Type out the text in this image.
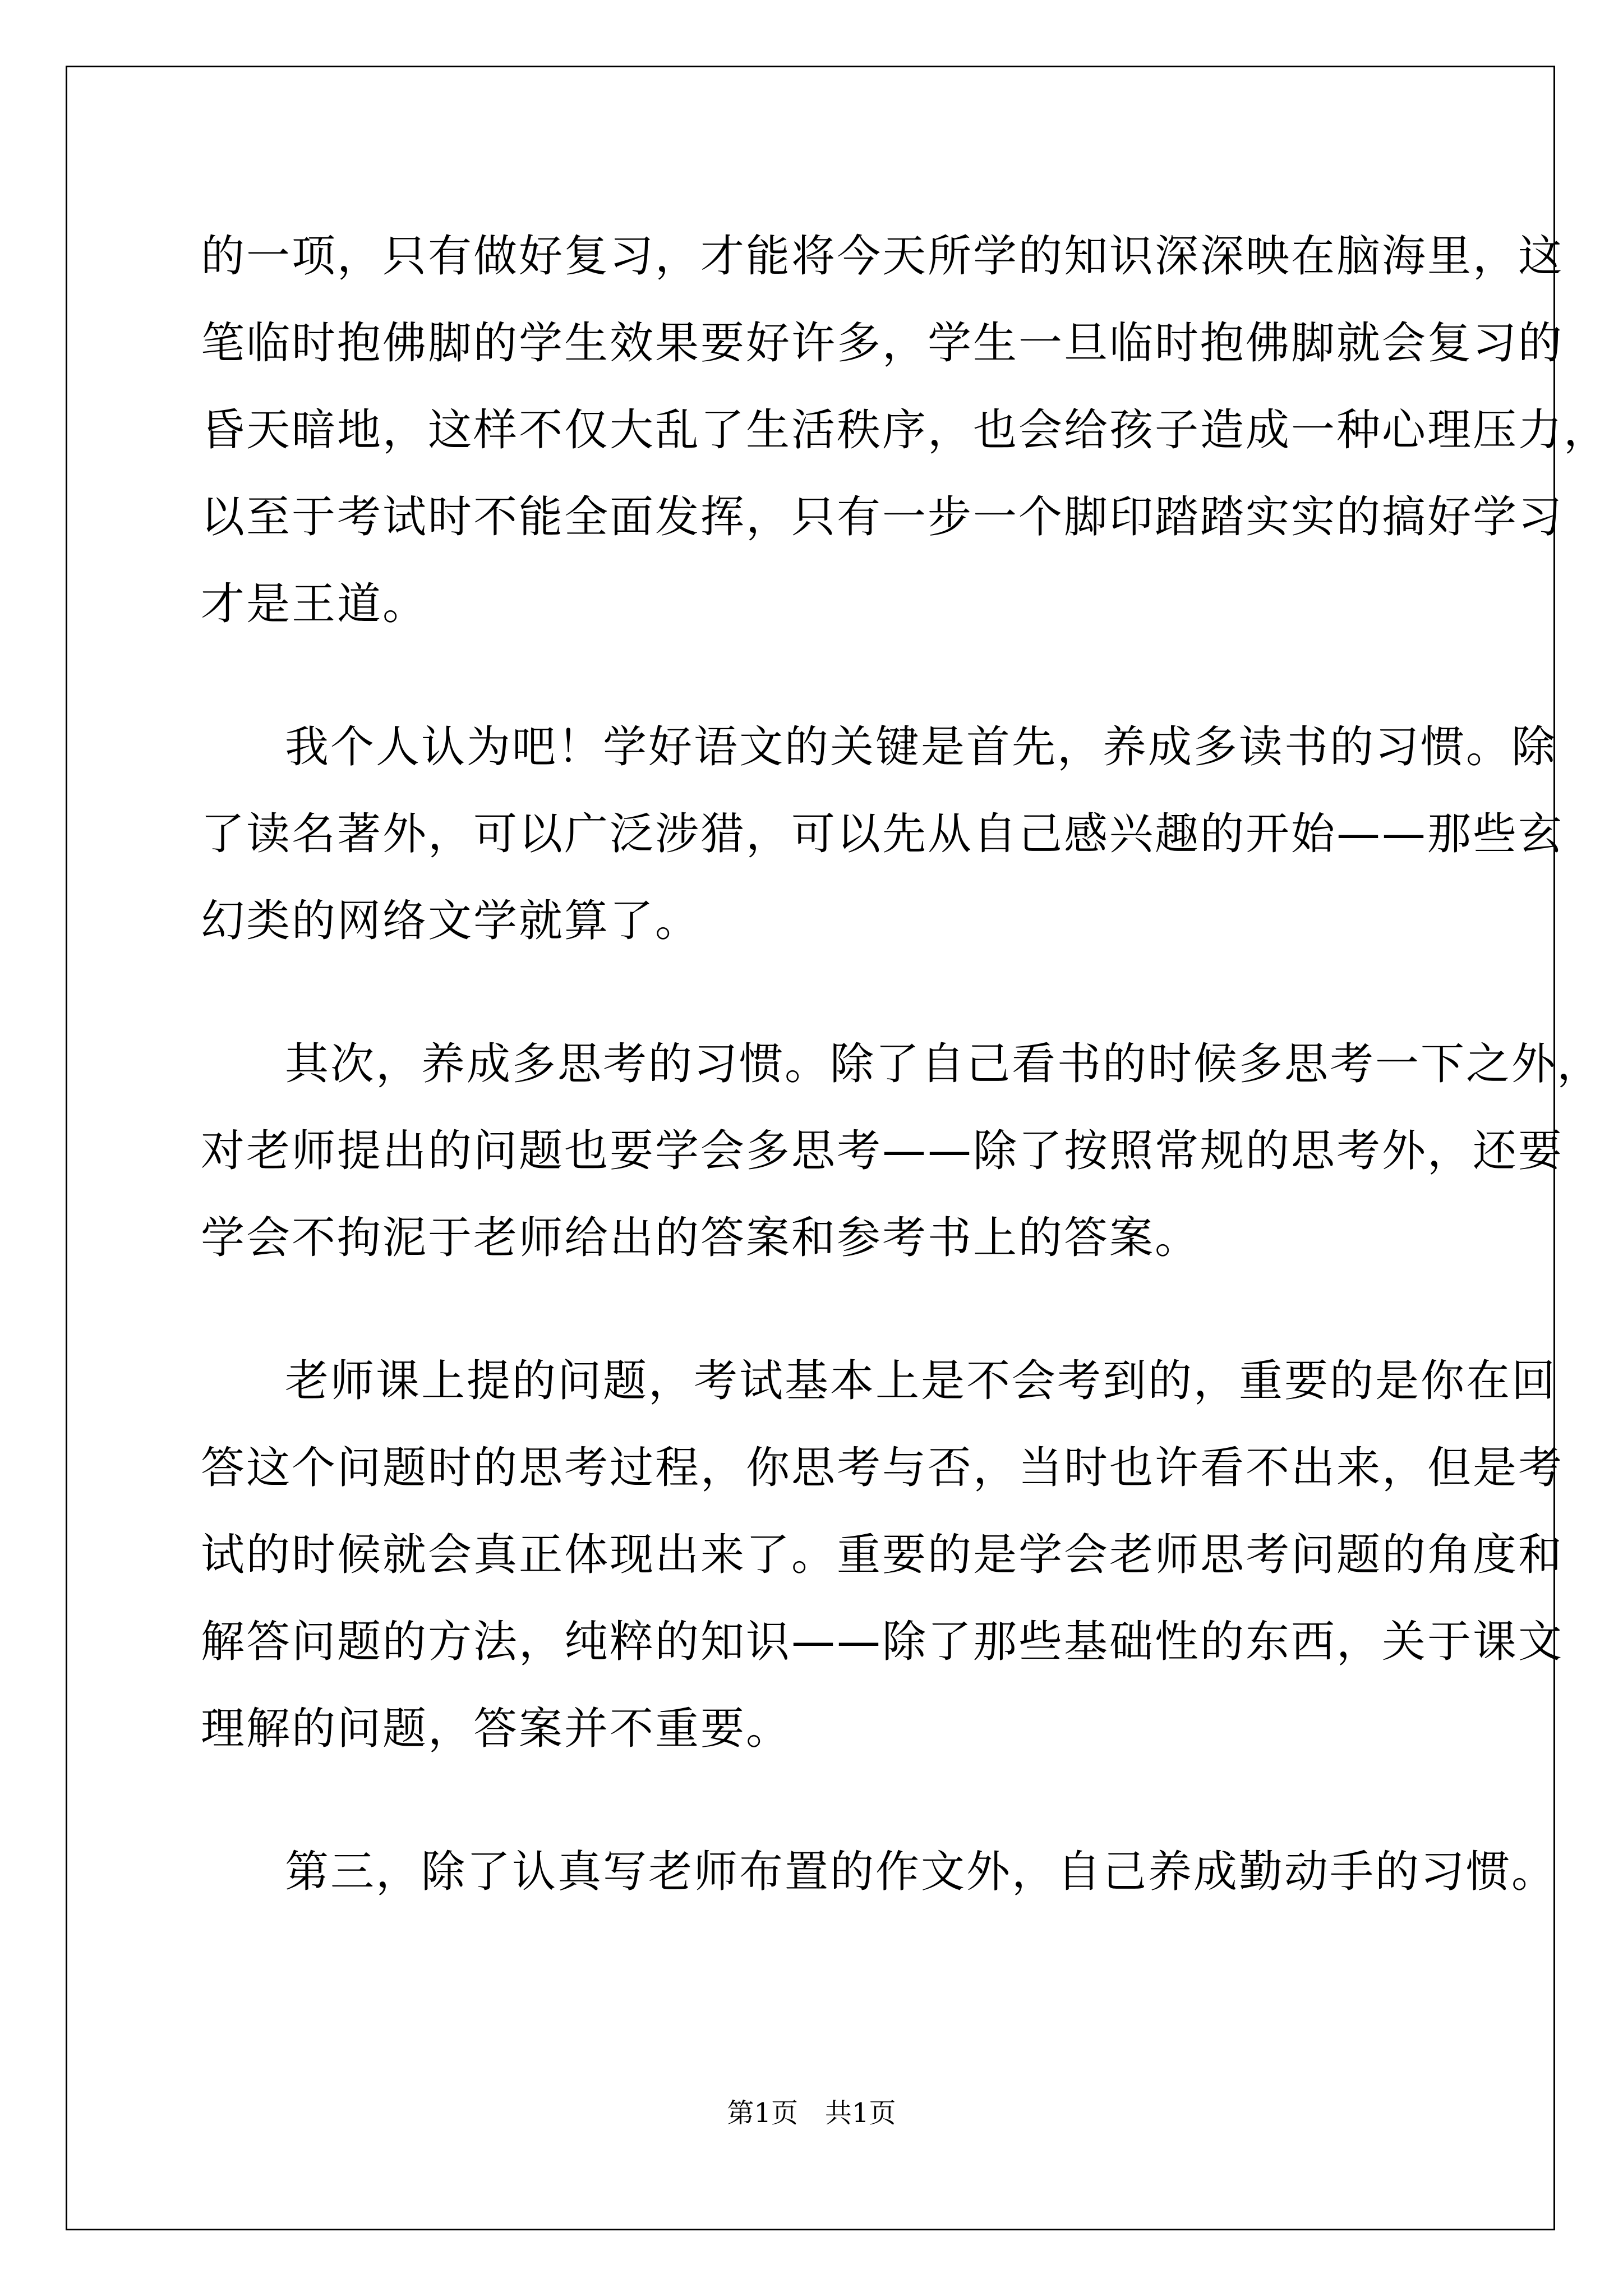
的一项，只有做好复习，才能将今天所学的知识深深映在脑海里，这
笔临时抱佛脚的学生效果要好许多，学生一旦临时抱佛脚就会复习的
昏天暗地，这样不仅大乱了生活秩序，也会给孩子造成一种心理压力，
以至于考试时不能全面发挥，只有一步一个脚印踏踏实实的搞好学习
才是王道。

我个人认为吧！学好语文的关键是首先，养成多读书的习惯。除
了读名著外，可以广泛涉猎，可以先从自己感兴趣的开始——那些玄
幻类的网络文学就算了。

其次，养成多思考的习惯。除了自己看书的时候多思考一下之外，
对老师提出的问题也要学会多思考——除了按照常规的思考外，还要
学会不拘泥于老师给出的答案和参考书上的答案。

老师课上提的问题，考试基本上是不会考到的，重要的是你在回
答这个问题时的思考过程，你思考与否，当时也许看不出来，但是考
试的时候就会真正体现出来了。重要的是学会老师思考问题的角度和
解答问题的方法，纯粹的知识——除了那些基础性的东西，关于课文
理解的问题，答案并不重要。

第三，除了认真写老师布置的作文外，自己养成勤动手的习惯。

第1页　共1页
